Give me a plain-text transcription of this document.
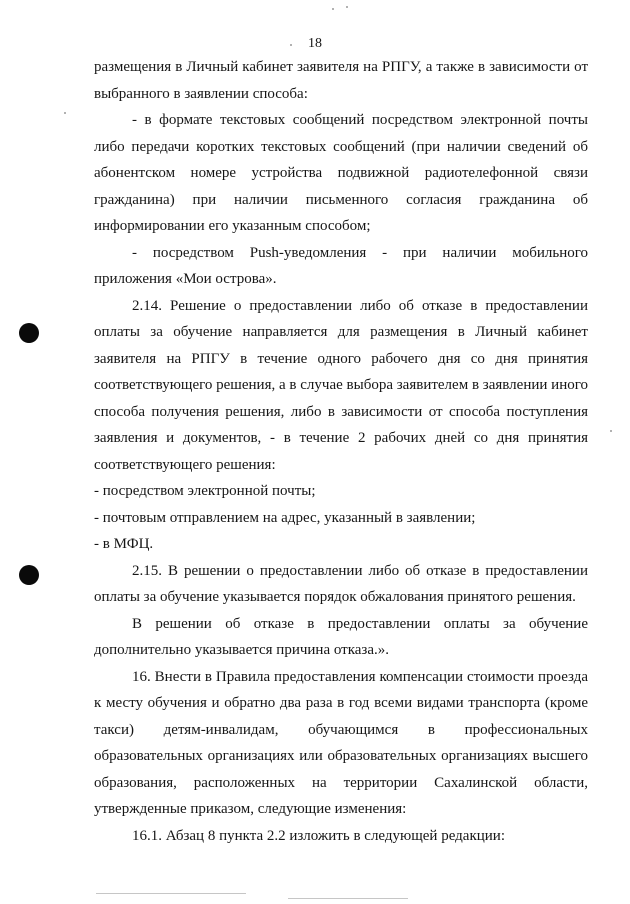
18

размещения в Личный кабинет заявителя на РПГУ, а также в зависимости от

выбранного в заявлении способа:

- в формате текстовых сообщений посредством электронной почты

либо передачи коротких текстовых сообщений (при наличии сведений об

абонентском номере устройства подвижной радиотелефонной связи

гражданина) при наличии письменного согласия гражданина об

информировании его указанным способом;

- посредством Push-уведомления - при наличии мобильного

приложения «Мои острова».

2.14. Решение о предоставлении либо об отказе в предоставлении

оплаты за обучение направляется для размещения в Личный кабинет

заявителя на РПГУ в течение одного рабочего дня со дня принятия

соответствующего решения, а в случае выбора заявителем в заявлении иного

способа получения решения, либо в зависимости от способа поступления

заявления и документов, - в течение 2 рабочих дней со дня принятия

соответствующего решения:

- посредством электронной почты;

- почтовым отправлением на адрес, указанный в заявлении;

- в МФЦ.

2.15. В решении о предоставлении либо об отказе в предоставлении

оплаты за обучение указывается порядок обжалования принятого решения.

В решении об отказе в предоставлении оплаты за обучение

дополнительно указывается причина отказа.».

16. Внести в Правила предоставления компенсации стоимости проезда

к месту обучения и обратно два раза в год всеми видами транспорта (кроме

такси) детям-инвалидам, обучающимся в профессиональных

образовательных организациях или образовательных организациях высшего

образования, расположенных на территории Сахалинской области,

утвержденные приказом, следующие изменения:

16.1. Абзац 8 пункта 2.2 изложить в следующей редакции:
